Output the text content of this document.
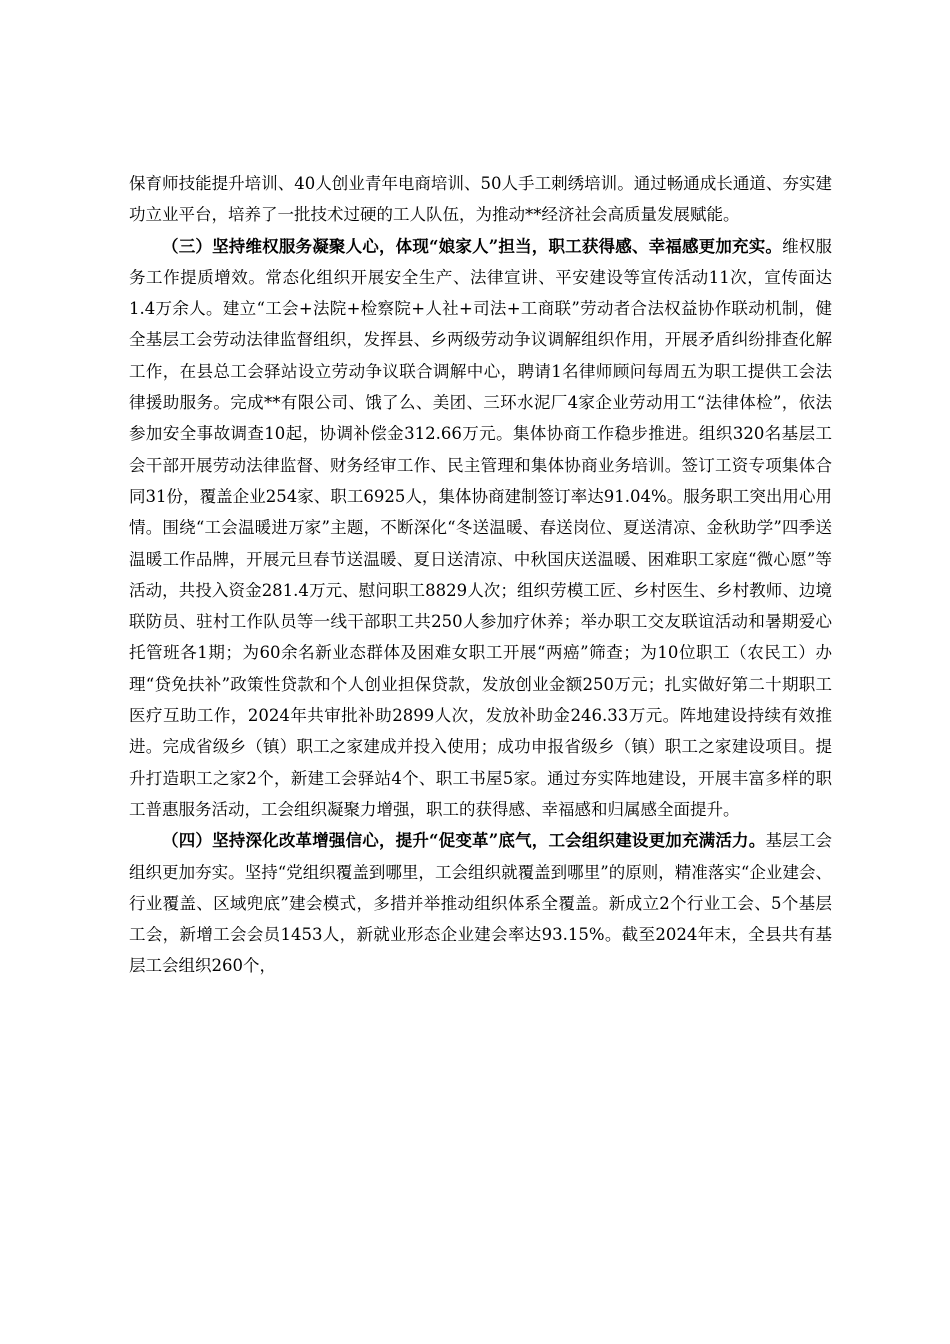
保育师技能提升培训、40人创业青年电商培训、50人手工刺绣培训。通过畅通成长通道、夯实建功立业平台，培养了一批技术过硬的工人队伍，为推动**经济社会高质量发展赋能。

（三）坚持维权服务凝聚人心，体现“娘家人”担当，职工获得感、幸福感更加充实。维权服务工作提质增效。常态化组织开展安全生产、法律宣讲、平安建设等宣传活动11次，宣传面达1.4万余人。建立“工会+法院+检察院+人社+司法+工商联”劳动者合法权益协作联动机制，健全基层工会劳动法律监督组织，发挥县、乡两级劳动争议调解组织作用，开展矛盾纠纷排查化解工作，在县总工会驿站设立劳动争议联合调解中心，聘请1名律师顾问每周五为职工提供工会法律援助服务。完成**有限公司、饿了么、美团、三环水泥厂4家企业劳动用工“法律体检”，依法参加安全事故调查10起，协调补偿金312.66万元。集体协商工作稳步推进。组织320名基层工会干部开展劳动法律监督、财务经审工作、民主管理和集体协商业务培训。签订工资专项集体合同31份，覆盖企业254家、职工6925人，集体协商建制签订率达91.04%。服务职工突出用心用情。围绕“工会温暖进万家”主题，不断深化“冬送温暖、春送岗位、夏送清凉、金秋助学”四季送温暖工作品牌，开展元旦春节送温暖、夏日送清凉、中秋国庆送温暖、困难职工家庭“微心愿”等活动，共投入资金281.4万元、慰问职工8829人次；组织劳模工匠、乡村医生、乡村教师、边境联防员、驻村工作队员等一线干部职工共250人参加疗休养；举办职工交友联谊活动和暑期爱心托管班各1期；为60余名新业态群体及困难女职工开展“两癌”筛查；为10位职工（农民工）办理“贷免扶补”政策性贷款和个人创业担保贷款，发放创业金额250万元；扎实做好第二十期职工医疗互助工作，2024年共审批补助2899人次，发放补助金246.33万元。阵地建设持续有效推进。完成省级乡（镇）职工之家建成并投入使用；成功申报省级乡（镇）职工之家建设项目。提升打造职工之家2个，新建工会驿站4个、职工书屋5家。通过夯实阵地建设，开展丰富多样的职工普惠服务活动，工会组织凝聚力增强，职工的获得感、幸福感和归属感全面提升。

（四）坚持深化改革增强信心，提升“促变革”底气，工会组织建设更加充满活力。基层工会组织更加夯实。坚持“党组织覆盖到哪里，工会组织就覆盖到哪里”的原则，精准落实“企业建会、行业覆盖、区域兜底”建会模式，多措并举推动组织体系全覆盖。新成立2个行业工会、5个基层工会，新增工会会员1453人，新就业形态企业建会率达93.15%。截至2024年末，全县共有基层工会组织260个，
